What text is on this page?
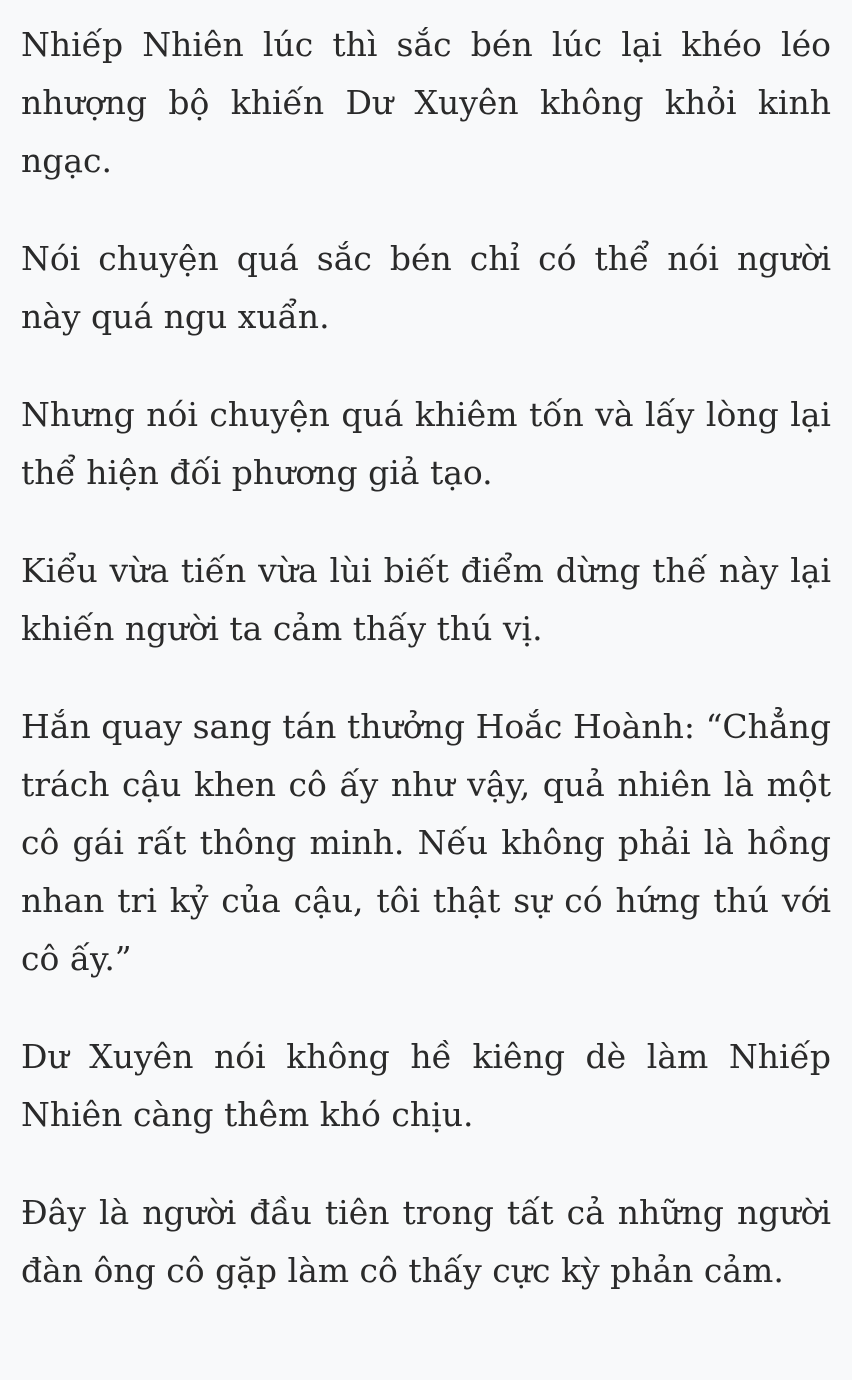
Nhiếp Nhiên lúc thì sắc bén lúc lại khéo léo nhượng bộ khiến Dư Xuyên không khỏi kinh ngạc.

Nói chuyện quá sắc bén chỉ có thể nói người này quá ngu xuẩn.

Nhưng nói chuyện quá khiêm tốn và lấy lòng lại thể hiện đối phương giả tạo.

Kiểu vừa tiến vừa lùi biết điểm dừng thế này lại khiến người ta cảm thấy thú vị.

Hắn quay sang tán thưởng Hoắc Hoành: “Chẳng trách cậu khen cô ấy như vậy, quả nhiên là một cô gái rất thông minh. Nếu không phải là hồng nhan tri kỷ của cậu, tôi thật sự có hứng thú với cô ấy.”

Dư Xuyên nói không hề kiêng dè làm Nhiếp Nhiên càng thêm khó chịu.

Đây là người đầu tiên trong tất cả những người đàn ông cô gặp làm cô thấy cực kỳ phản cảm.
